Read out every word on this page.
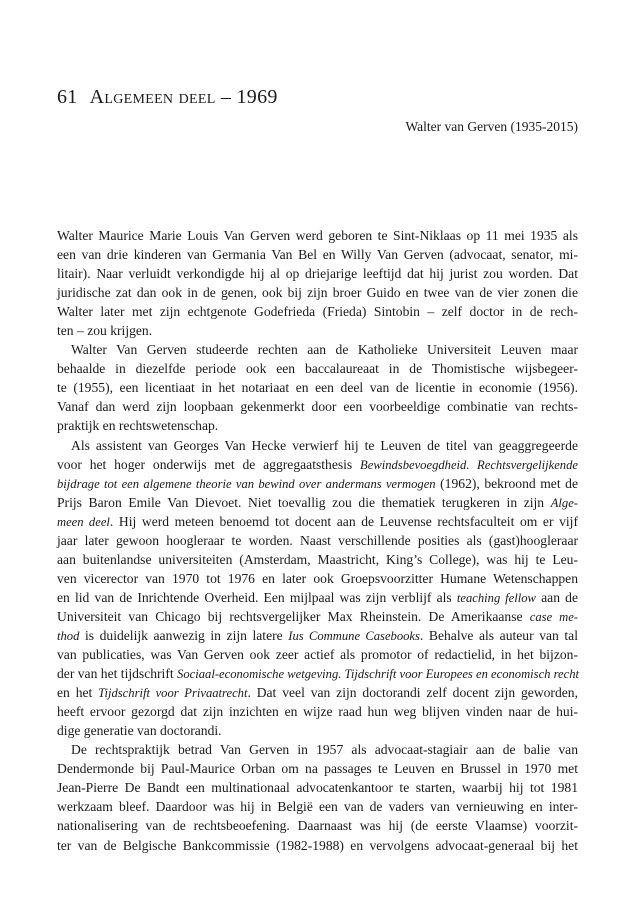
61 Algemeen deel – 1969
Walter van Gerven (1935-2015)
Walter Maurice Marie Louis Van Gerven werd geboren te Sint-Niklaas op 11 mei 1935 als
een van drie kinderen van Germania Van Bel en Willy Van Gerven (advocaat, senator, mi-
litair). Naar verluidt verkondigde hij al op driejarige leeftijd dat hij jurist zou worden. Dat
juridische zat dan ook in de genen, ook bij zijn broer Guido en twee van de vier zonen die
Walter later met zijn echtgenote Godefrieda (Frieda) Sintobin – zelf doctor in de rech-
ten – zou krijgen.
Walter Van Gerven studeerde rechten aan de Katholieke Universiteit Leuven maar
behaalde in diezelfde periode ook een baccalaureaat in de Thomistische wijsbegeer-
te (1955), een licentiaat in het notariaat en een deel van de licentie in economie (1956).
Vanaf dan werd zijn loopbaan gekenmerkt door een voorbeeldige combinatie van rechts-
praktijk en rechtswetenschap.
Als assistent van Georges Van Hecke verwierf hij te Leuven de titel van geaggregeerde
voor het hoger onderwijs met de aggregaatsthesis Bewindsbevoegdheid. Rechtsvergelijkende
bijdrage tot een algemene theorie van bewind over andermans vermogen (1962), bekroond met de
Prijs Baron Emile Van Dievoet. Niet toevallig zou die thematiek terugkeren in zijn Alge-
meen deel. Hij werd meteen benoemd tot docent aan de Leuvense rechtsfaculteit om er vijf
jaar later gewoon hoogleraar te worden. Naast verschillende posities als (gast)hoogleraar
aan buitenlandse universiteiten (Amsterdam, Maastricht, King’s College), was hij te Leu-
ven vicerector van 1970 tot 1976 en later ook Groepsvoorzitter Humane Wetenschappen
en lid van de Inrichtende Overheid. Een mijlpaal was zijn verblijf als teaching fellow aan de
Universiteit van Chicago bij rechtsvergelijker Max Rheinstein. De Amerikaanse case me-
thod is duidelijk aanwezig in zijn latere Ius Commune Casebooks. Behalve als auteur van tal
van publicaties, was Van Gerven ook zeer actief als promotor of redactielid, in het bijzon-
der van het tijdschrift Sociaal-economische wetgeving. Tijdschrift voor Europees en economisch recht
en het Tijdschrift voor Privaatrecht. Dat veel van zijn doctorandi zelf docent zijn geworden,
heeft ervoor gezorgd dat zijn inzichten en wijze raad hun weg blijven vinden naar de hui-
dige generatie van doctorandi.
De rechtspraktijk betrad Van Gerven in 1957 als advocaat-stagiair aan de balie van
Dendermonde bij Paul-Maurice Orban om na passages te Leuven en Brussel in 1970 met
Jean-Pierre De Bandt een multinationaal advocatenkantoor te starten, waarbij hij tot 1981
werkzaam bleef. Daardoor was hij in België een van de vaders van vernieuwing en inter-
nationalisering van de rechtsbeoefening. Daarnaast was hij (de eerste Vlaamse) voorzit-
ter van de Belgische Bankcommissie (1982-1988) en vervolgens advocaat-generaal bij het
